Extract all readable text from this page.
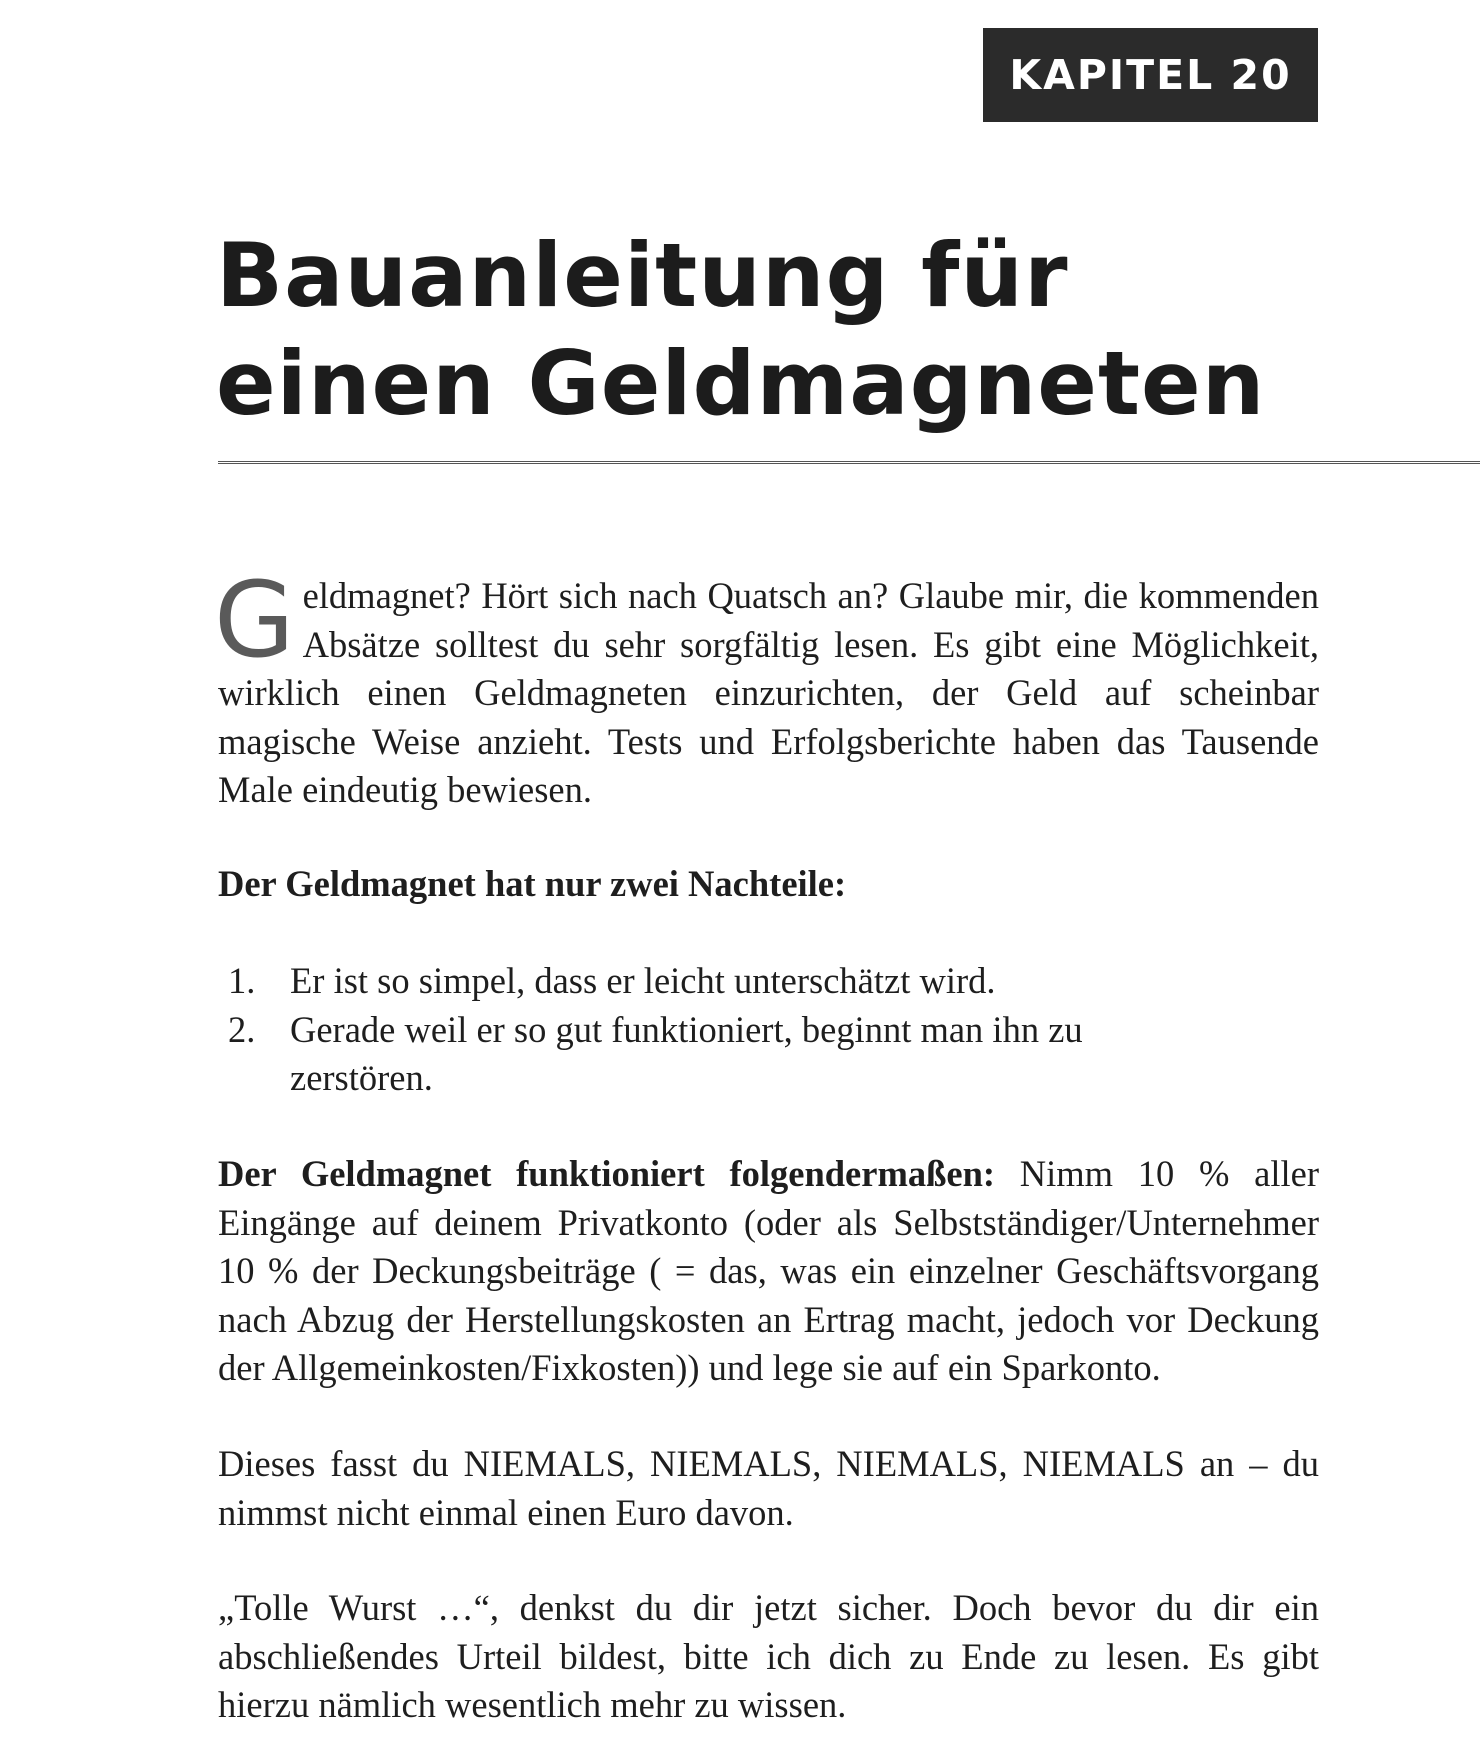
KAPITEL 20
Bauanleitung für
einen Geldmagneten

Geldmagnet? Hört sich nach Quatsch an? Glaube mir, die kommenden Absätze solltest du sehr sorgfältig lesen. Es gibt eine Möglichkeit, wirklich einen Geldmagneten einzurichten, der Geld auf scheinbar magische Weise anzieht. Tests und Erfolgsberichte haben das Tausende Male eindeutig bewiesen.

Der Geldmagnet hat nur zwei Nachteile:

1. Er ist so simpel, dass er leicht unterschätzt wird.
2. Gerade weil er so gut funktioniert, beginnt man ihn zu zerstören.

Der Geldmagnet funktioniert folgendermaßen: Nimm 10 % aller Eingänge auf deinem Privatkonto (oder als Selbstständiger/Unternehmer 10 % der Deckungsbeiträge ( = das, was ein einzelner Geschäftsvorgang nach Abzug der Herstellungskosten an Ertrag macht, jedoch vor Deckung der Allgemeinkosten/Fixkosten)) und lege sie auf ein Sparkonto.

Dieses fasst du NIEMALS, NIEMALS, NIEMALS, NIEMALS an – du nimmst nicht einmal einen Euro davon.

„Tolle Wurst …“, denkst du dir jetzt sicher. Doch bevor du dir ein abschließendes Urteil bildest, bitte ich dich zu Ende zu lesen. Es gibt hierzu nämlich wesentlich mehr zu wissen.
